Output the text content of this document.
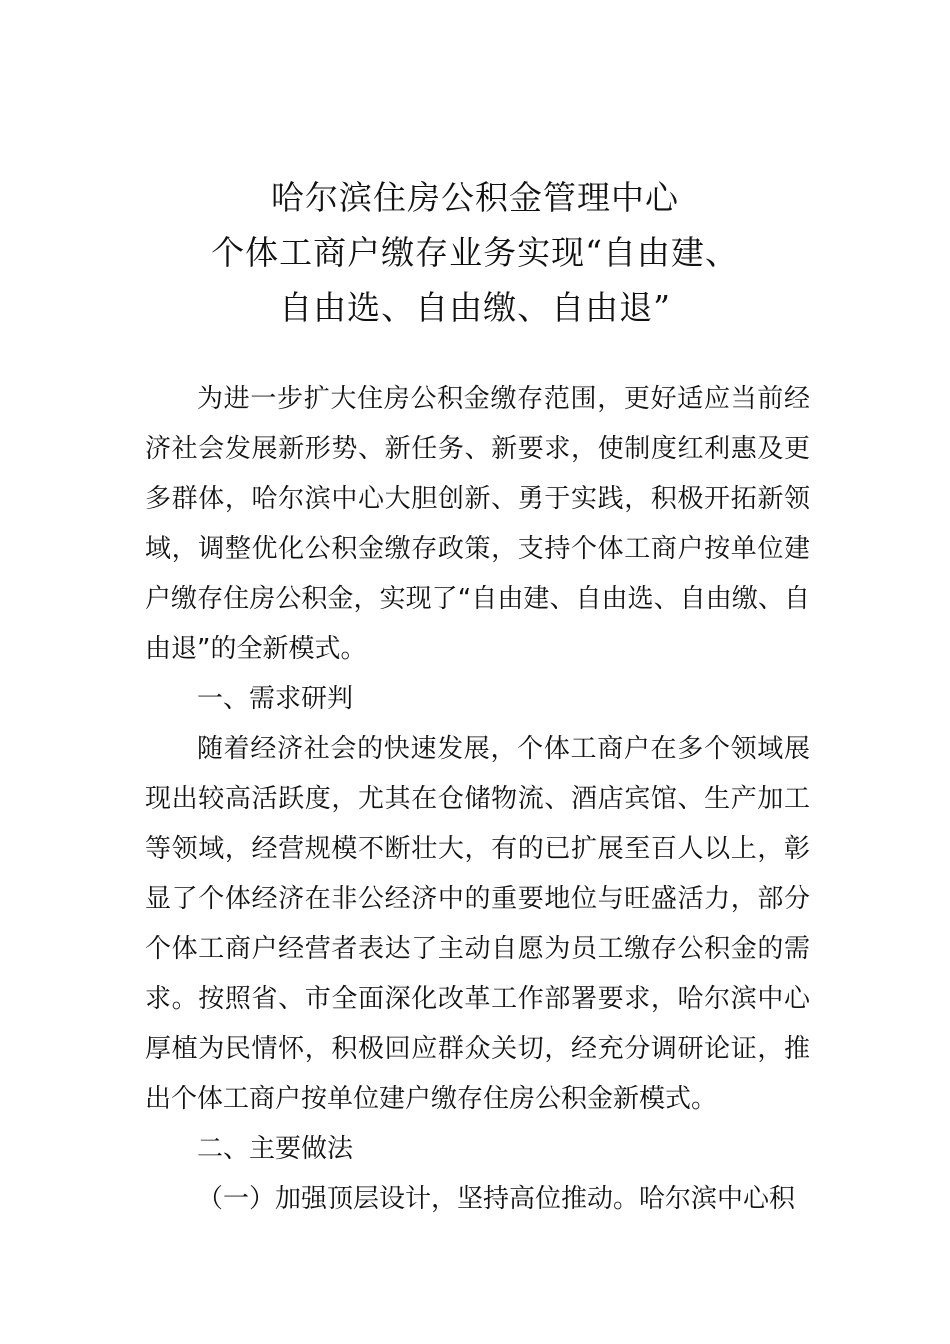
哈尔滨住房公积金管理中心
个体工商户缴存业务实现“自由建、
自由选、自由缴、自由退”

为进一步扩大住房公积金缴存范围，更好适应当前经济社会发展新形势、新任务、新要求，使制度红利惠及更多群体，哈尔滨中心大胆创新、勇于实践，积极开拓新领域，调整优化公积金缴存政策，支持个体工商户按单位建户缴存住房公积金，实现了“自由建、自由选、自由缴、自由退”的全新模式。

一、需求研判

随着经济社会的快速发展，个体工商户在多个领域展现出较高活跃度，尤其在仓储物流、酒店宾馆、生产加工等领域，经营规模不断壮大，有的已扩展至百人以上，彰显了个体经济在非公经济中的重要地位与旺盛活力，部分个体工商户经营者表达了主动自愿为员工缴存公积金的需求。按照省、市全面深化改革工作部署要求，哈尔滨中心厚植为民情怀，积极回应群众关切，经充分调研论证，推出个体工商户按单位建户缴存住房公积金新模式。

二、主要做法

（一）加强顶层设计，坚持高位推动。哈尔滨中心积
